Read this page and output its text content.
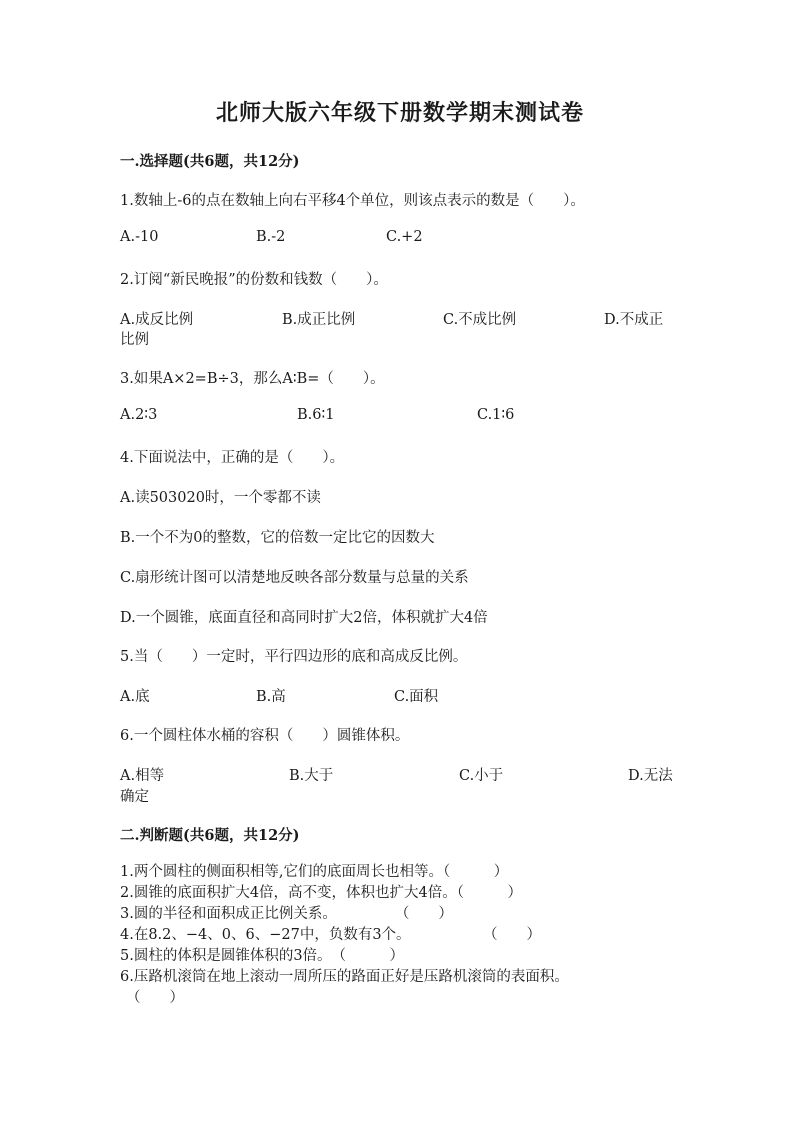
北师大版六年级下册数学期末测试卷
一.选择题(共6题，共12分)
1.数轴上-6的点在数轴上向右平移4个单位，则该点表示的数是（　　）。
A.-10	B.-2	C.+2
2.订阅“新民晚报”的份数和钱数（　　）。
A.成反比例	B.成正比例	C.不成比例	D.不成正
比例
3.如果A×2=B÷3，那么A∶B=（　　）。
A.2∶3	B.6∶1	C.1∶6
4.下面说法中，正确的是（　　）。
A.读503020时，一个零都不读
B.一个不为0的整数，它的倍数一定比它的因数大
C.扇形统计图可以清楚地反映各部分数量与总量的关系
D.一个圆锥，底面直径和高同时扩大2倍，体积就扩大4倍
5.当（　　）一定时，平行四边形的底和高成反比例。
A.底	B.高	C.面积
6.一个圆柱体水桶的容积（　　）圆锥体积。
A.相等	B.大于	C.小于	D.无法
确定
二.判断题(共6题，共12分)
1.两个圆柱的侧面积相等,它们的底面周长也相等。（　　　）
2.圆锥的底面积扩大4倍，高不变，体积也扩大4倍。（　　　）
3.圆的半径和面积成正比例关系。　　　　　（　　）
4.在8.2、−4、0、6、−27中，负数有3个。　　　　　　（　　）
5.圆柱的体积是圆锥体积的3倍。　（　　　）
6.压路机滚筒在地上滚动一周所压的路面正好是压路机滚筒的表面积。
（　　）
